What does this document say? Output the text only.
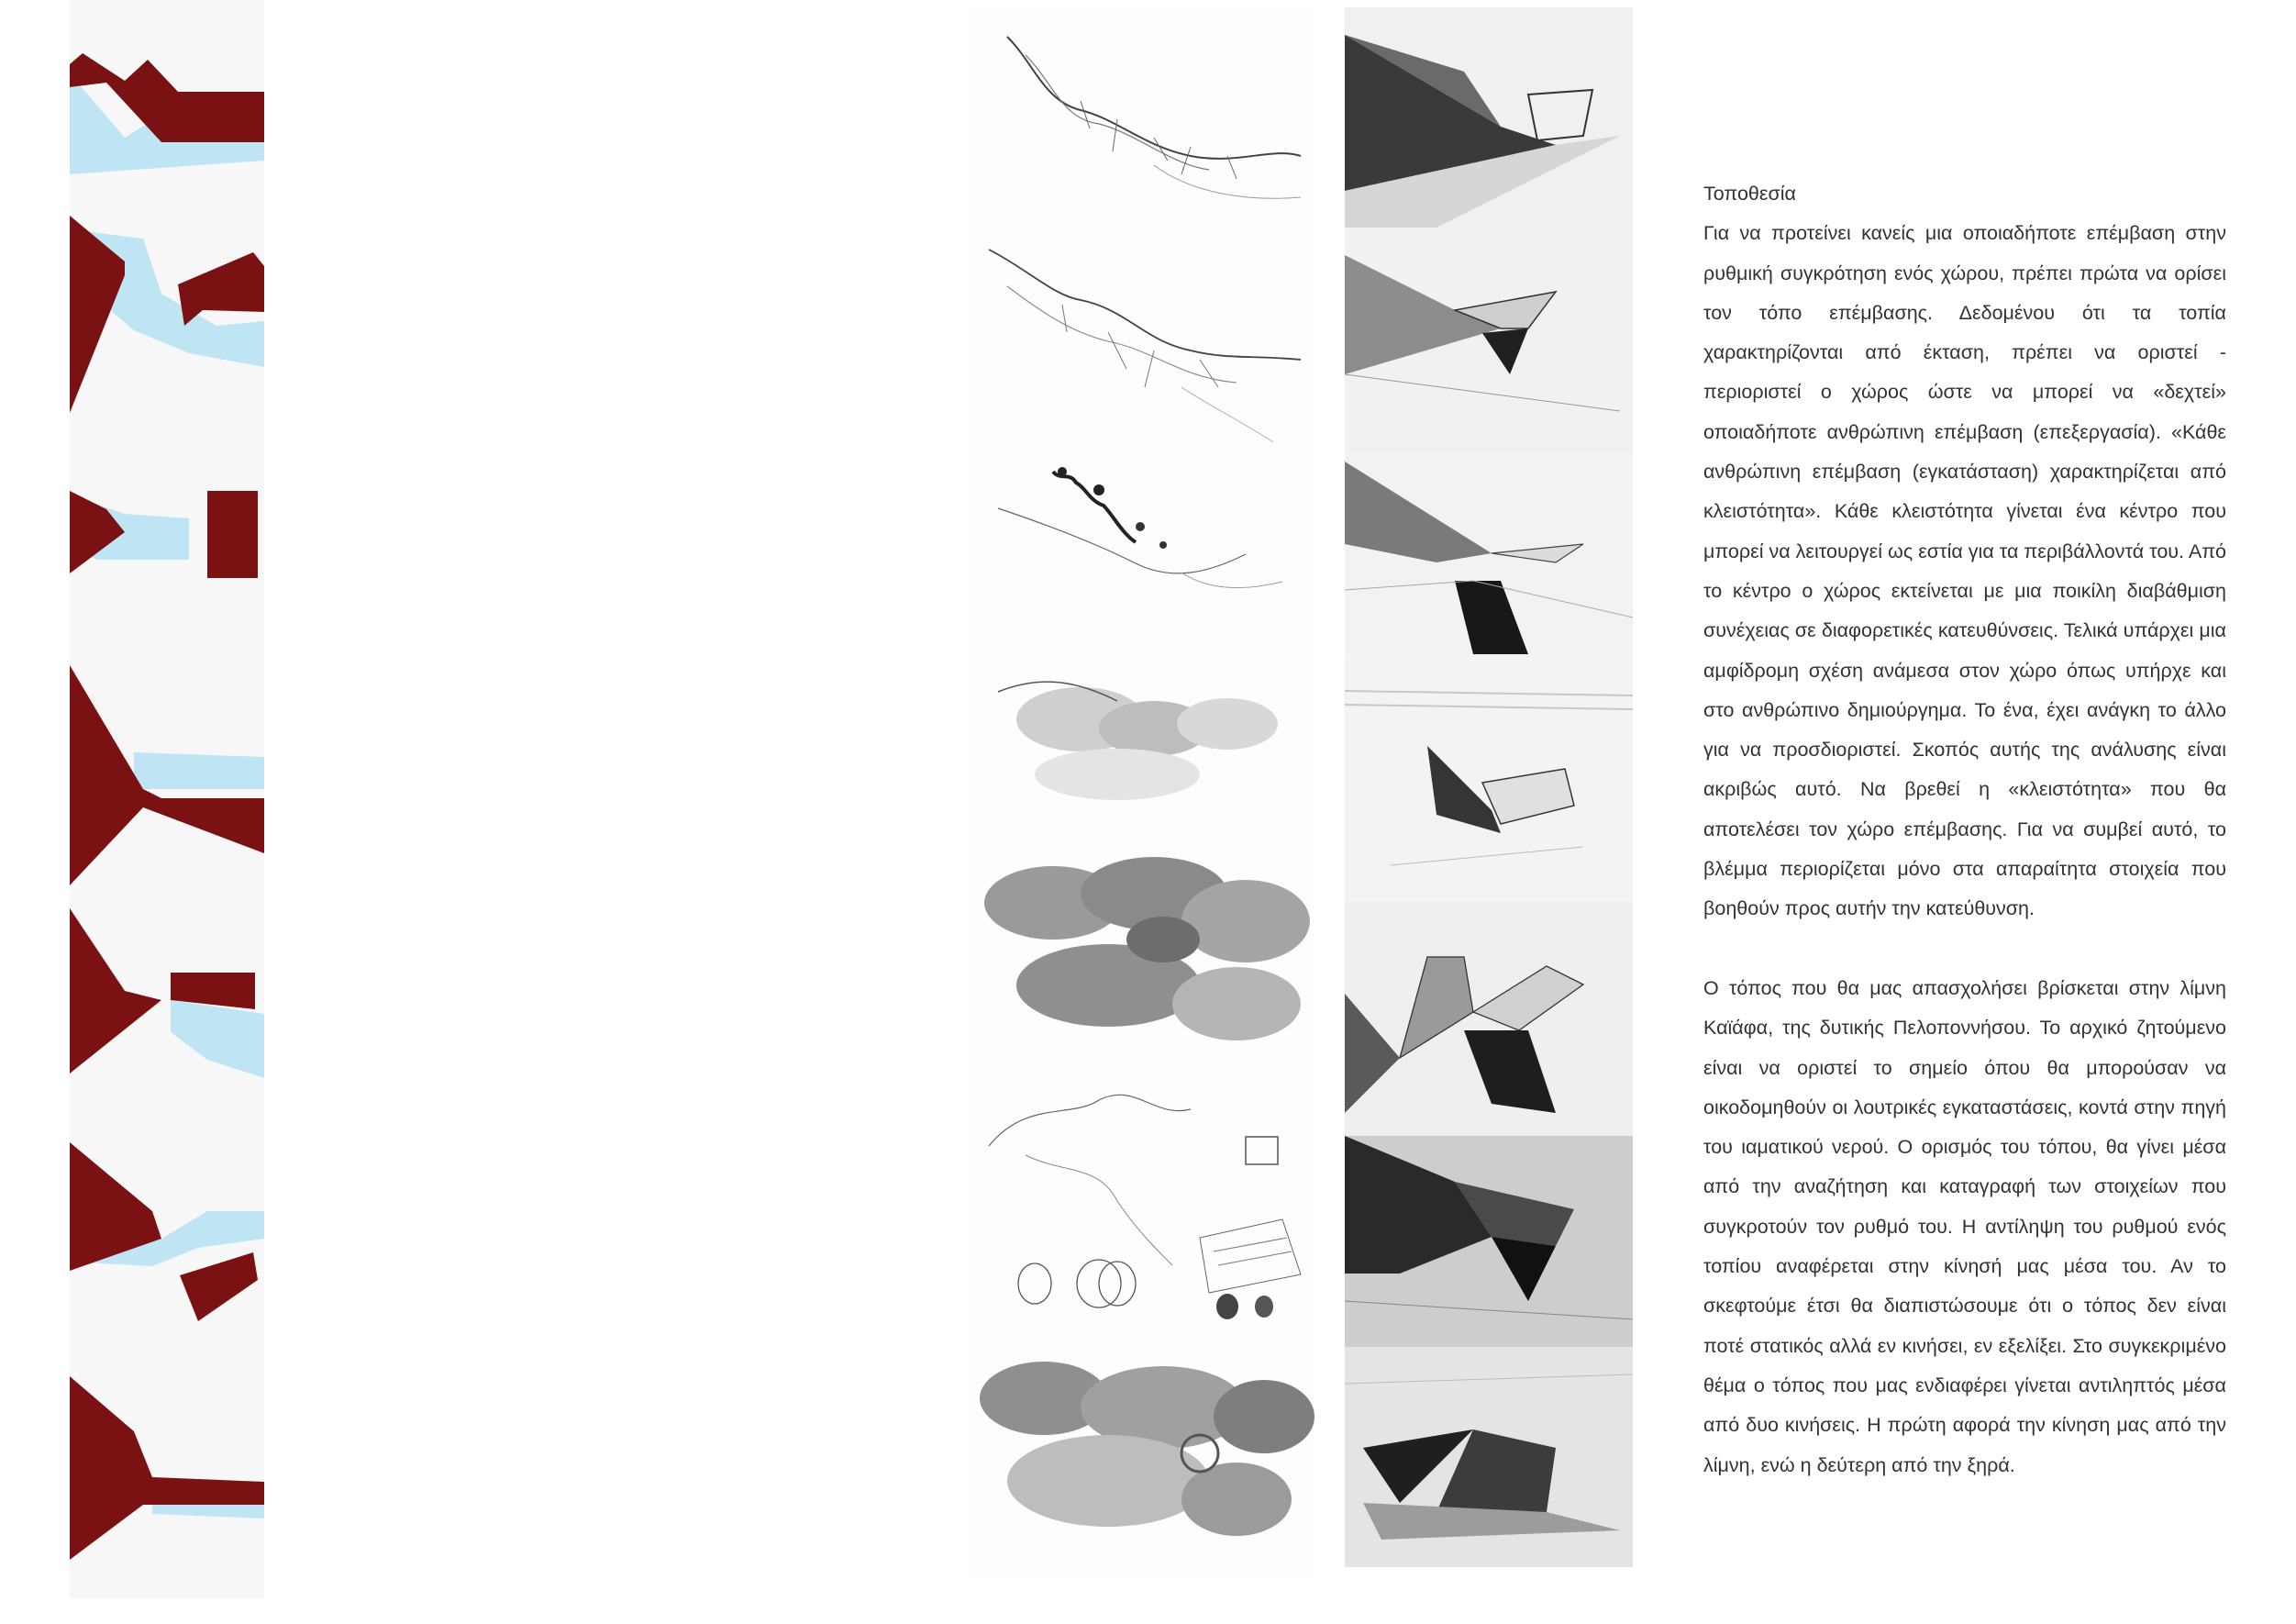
Τοποθεσία

Για να προτείνει κανείς μια οποιαδήποτε επέμβαση στην ρυθμική συγκρότηση ενός χώρου, πρέπει πρώτα να ορίσει τον τόπο επέμβασης. Δεδομένου ότι τα τοπία χαρακτηρίζονται από έκταση, πρέπει να οριστεί - περιοριστεί ο χώρος ώστε να μπορεί να «δεχτεί» οποιαδήποτε ανθρώπινη επέμβαση (επεξεργασία). «Κάθε ανθρώπινη επέμβαση (εγκατάσταση) χαρακτηρίζεται από κλειστότητα». Κάθε κλειστότητα γίνεται ένα κέντρο που μπορεί να λειτουργεί ως εστία για τα περιβάλλοντά του. Από το κέντρο ο χώρος εκτείνεται με μια ποικίλη διαβάθμιση συνέχειας σε διαφορετικές κατευθύνσεις. Τελικά υπάρχει μια αμφίδρομη σχέση ανάμεσα στον χώρο όπως υπήρχε και στο ανθρώπινο δημιούργημα. Το ένα, έχει ανάγκη το άλλο για να προσδιοριστεί. Σκοπός αυτής της ανάλυσης είναι ακριβώς αυτό. Να βρεθεί η «κλειστότητα» που θα αποτελέσει τον χώρο επέμβασης. Για να συμβεί αυτό, το βλέμμα περιορίζεται μόνο στα απαραίτητα στοιχεία που βοηθούν προς αυτήν την κατεύθυνση.

Ο τόπος που θα μας απασχολήσει βρίσκεται στην λίμνη Καϊάφα, της δυτικής Πελοποννήσου. Το αρχικό ζητούμενο είναι να οριστεί το σημείο όπου θα μπορούσαν να οικοδομηθούν οι λουτρικές εγκαταστάσεις, κοντά στην πηγή του ιαματικού νερού. Ο ορισμός του τόπου, θα γίνει μέσα από την αναζήτηση και καταγραφή των στοιχείων που συγκροτούν τον ρυθμό του. Η αντίληψη του ρυθμού ενός τοπίου αναφέρεται στην κίνησή μας μέσα του. Αν το σκεφτούμε έτσι θα διαπιστώσουμε ότι ο τόπος δεν είναι ποτέ στατικός αλλά εν κινήσει, εν εξελίξει. Στο συγκεκριμένο θέμα ο τόπος που μας ενδιαφέρει γίνεται αντιληπτός μέσα από δυο κινήσεις. Η πρώτη αφορά την κίνηση μας από την λίμνη, ενώ η δεύτερη από την ξηρά.
